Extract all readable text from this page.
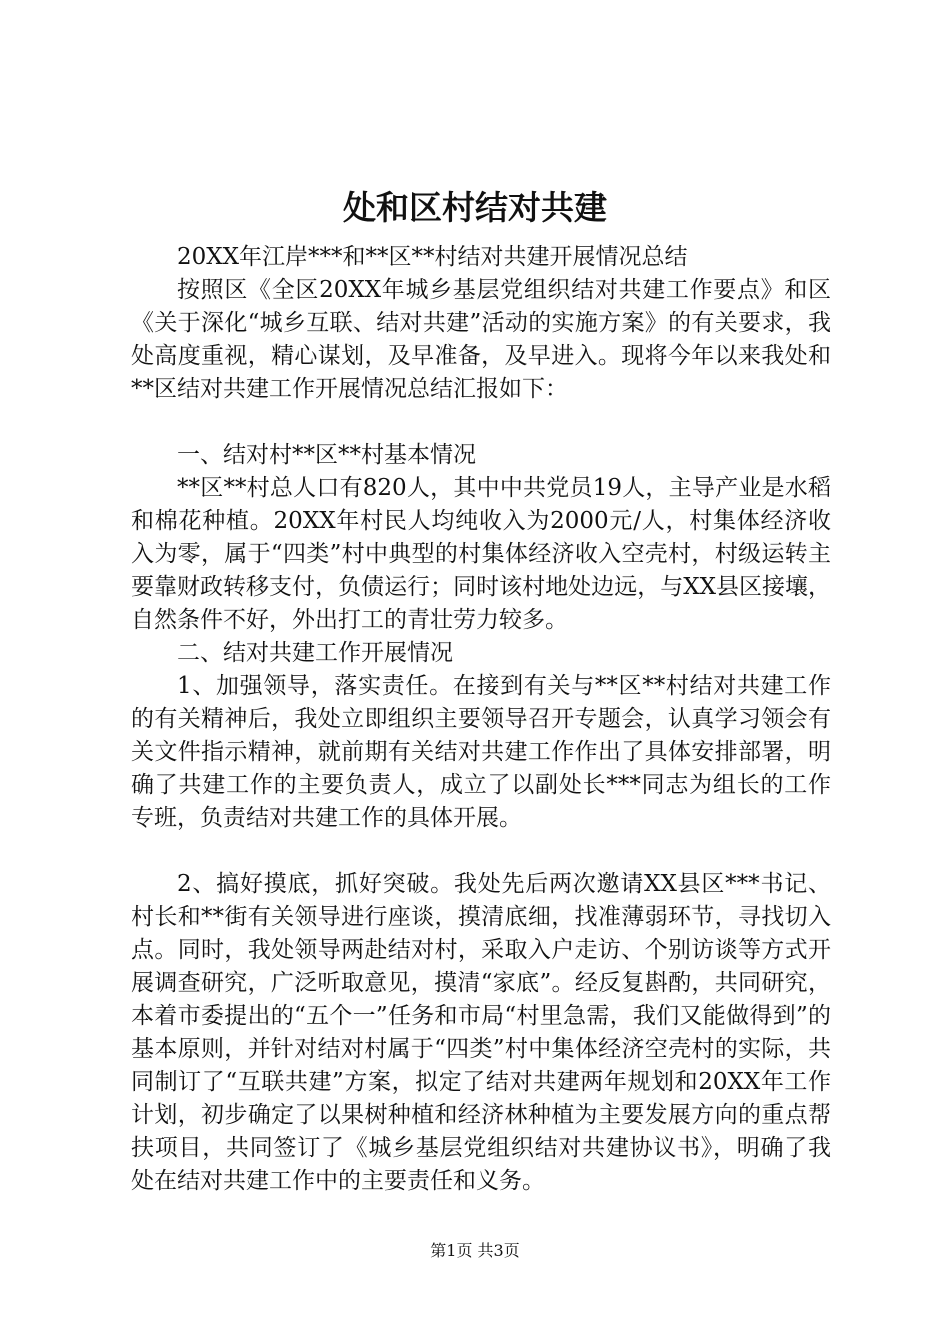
处和区村结对共建

20XX年江岸***和**区**村结对共建开展情况总结

按照区《全区20XX年城乡基层党组织结对共建工作要点》和区《关于深化“城乡互联、结对共建”活动的实施方案》的有关要求，我处高度重视，精心谋划，及早准备，及早进入。现将今年以来我处和**区结对共建工作开展情况总结汇报如下：

一、结对村**区**村基本情况

**区**村总人口有820人，其中中共党员19人，主导产业是水稻和棉花种植。20XX年村民人均纯收入为2000元/人，村集体经济收入为零，属于“四类”村中典型的村集体经济收入空壳村，村级运转主要靠财政转移支付，负债运行；同时该村地处边远，与XX县区接壤，自然条件不好，外出打工的青壮劳力较多。

二、结对共建工作开展情况

1、加强领导，落实责任。在接到有关与**区**村结对共建工作的有关精神后，我处立即组织主要领导召开专题会，认真学习领会有关文件指示精神，就前期有关结对共建工作作出了具体安排部署，明确了共建工作的主要负责人，成立了以副处长***同志为组长的工作专班，负责结对共建工作的具体开展。

2、搞好摸底，抓好突破。我处先后两次邀请XX县区***书记、村长和**街有关领导进行座谈，摸清底细，找准薄弱环节，寻找切入点。同时，我处领导两赴结对村，采取入户走访、个别访谈等方式开展调查研究，广泛听取意见，摸清“家底”。经反复斟酌，共同研究，本着市委提出的“五个一”任务和市局“村里急需，我们又能做得到”的基本原则，并针对结对村属于“四类”村中集体经济空壳村的实际，共同制订了“互联共建”方案，拟定了结对共建两年规划和20XX年工作计划，初步确定了以果树种植和经济林种植为主要发展方向的重点帮扶项目，共同签订了《城乡基层党组织结对共建协议书》，明确了我处在结对共建工作中的主要责任和义务。

第1页 共3页
